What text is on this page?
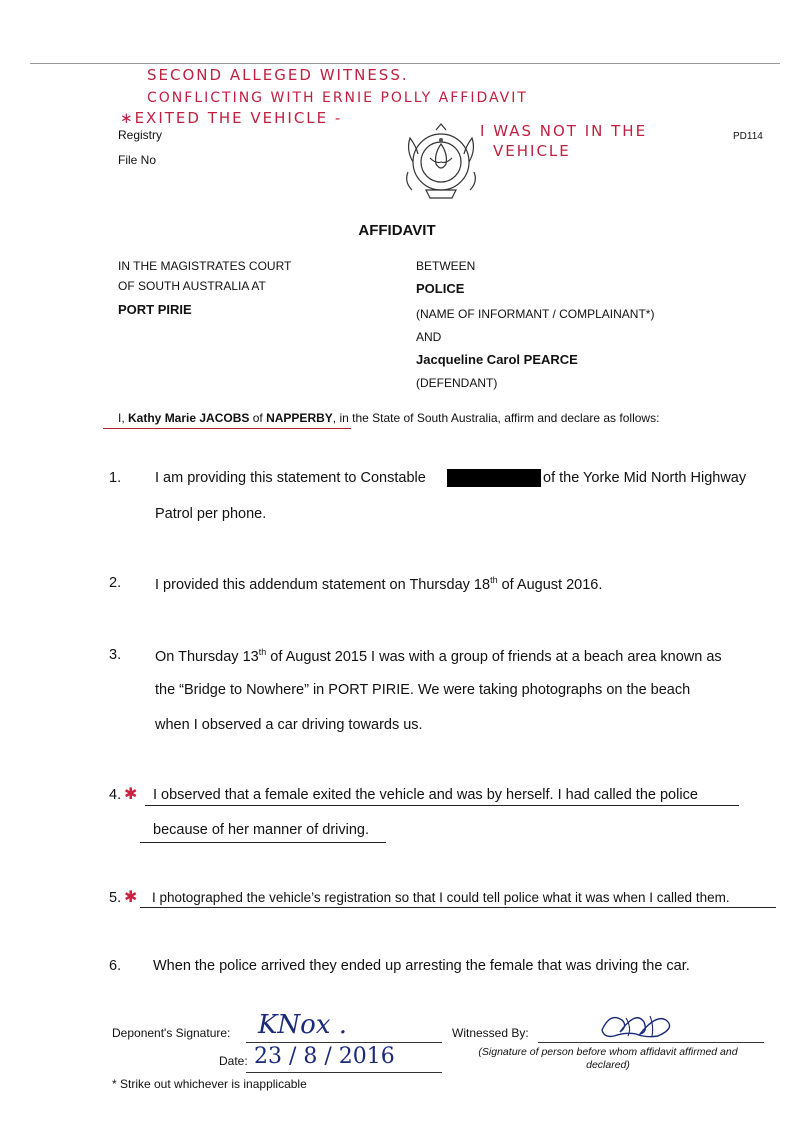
SECOND ALLEGED WITNESS.
CONFLICTING WITH ERNIE POLLY AFFIDAVIT
∗EXITED THE VEHICLE -
I WAS NOT IN THE
VEHICLE
Registry
File No
PD114
AFFIDAVIT
IN THE MAGISTRATES COURT
OF SOUTH AUSTRALIA AT
PORT PIRIE
BETWEEN
POLICE
(NAME OF INFORMANT / COMPLAINANT*)
AND
Jacqueline Carol PEARCE
(DEFENDANT)
I, Kathy Marie JACOBS of NAPPERBY, in the State of South Australia, affirm and declare as follows:
1. I am providing this statement to Constable	of the Yorke Mid North Highway
Patrol per phone.
2. I provided this addendum statement on Thursday 18th of August 2016.
3. On Thursday 13th of August 2015 I was with a group of friends at a beach area known as
the “Bridge to Nowhere” in PORT PIRIE. We were taking photographs on the beach
when I observed a car driving towards us.
4. ✱ I observed that a female exited the vehicle and was by herself. I had called the police
because of her manner of driving.
5. ✱ I photographed the vehicle’s registration so that I could tell police what it was when I called them.
6. When the police arrived they ended up arresting the female that was driving the car.
Deponent's Signature: KNox .
Date: 23 / 8 / 2016
Witnessed By:
(Signature of person before whom affidavit affirmed and
declared)
* Strike out whichever is inapplicable
